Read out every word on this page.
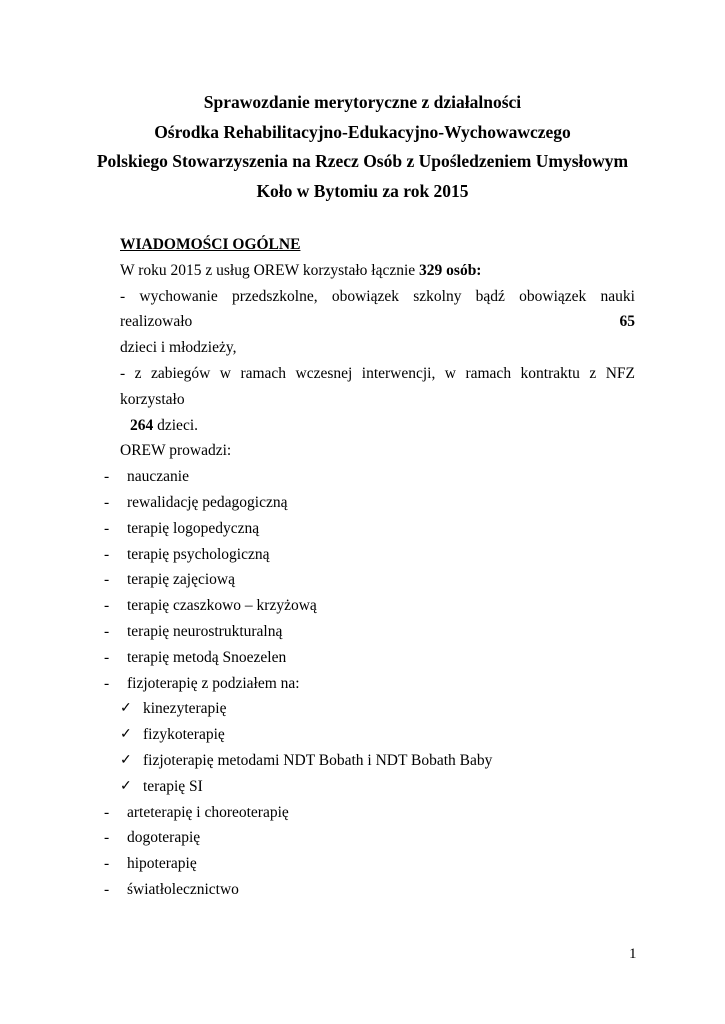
Sprawozdanie merytoryczne z działalności
Ośrodka Rehabilitacyjno-Edukacyjno-Wychowawczego
Polskiego Stowarzyszenia na Rzecz Osób z Upośledzeniem Umysłowym
Koło w Bytomiu za rok 2015

WIADOMOŚCI OGÓLNE

W roku 2015 z usług OREW korzystało łącznie 329 osób:

- wychowanie przedszkolne, obowiązek szkolny bądź obowiązek nauki realizowało 65

dzieci i młodzieży,

- z zabiegów w ramach wczesnej interwencji, w ramach kontraktu z NFZ korzystało

264 dzieci.

OREW prowadzi:

- nauczanie
- rewalidację pedagogiczną
- terapię logopedyczną
- terapię psychologiczną
- terapię zajęciową
- terapię czaszkowo – krzyżową
- terapię neurostrukturalną
- terapię metodą Snoezelen
- fizjoterapię z podziałem na:
✓ kinezyterapię
✓ fizykoterapię
✓ fizjoterapię metodami NDT Bobath i NDT Bobath Baby
✓ terapię SI
- arteterapię i choreoterapię
- dogoterapię
- hipoterapię
- światłolecznictwo
1
